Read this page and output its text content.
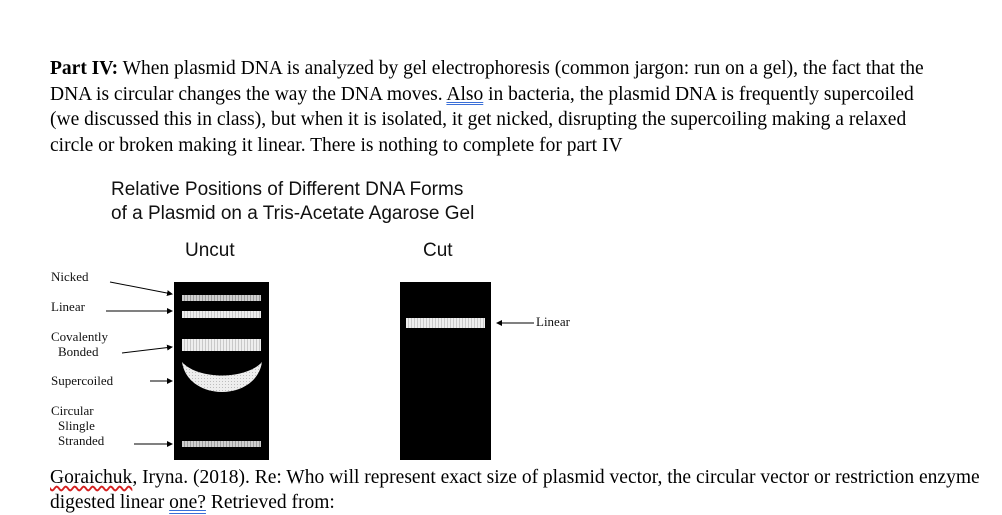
Part IV: When plasmid DNA is analyzed by gel electrophoresis (common jargon: run on a gel), the fact that the DNA is circular changes the way the DNA moves. Also in bacteria, the plasmid DNA is frequently supercoiled (we discussed this in class), but when it is isolated, it get nicked, disrupting the supercoiling making a relaxed circle or broken making it linear. There is nothing to complete for part IV

Relative Positions of Different DNA Forms
of a Plasmid on a Tris-Acetate Agarose Gel
Uncut	Cut
Nicked
Linear
Covalently
Bonded
Supercoiled
Circular
Slingle
Stranded
Linear

Goraichuk, Iryna. (2018). Re: Who will represent exact size of plasmid vector, the circular vector or restriction enzyme digested linear one? Retrieved from:
